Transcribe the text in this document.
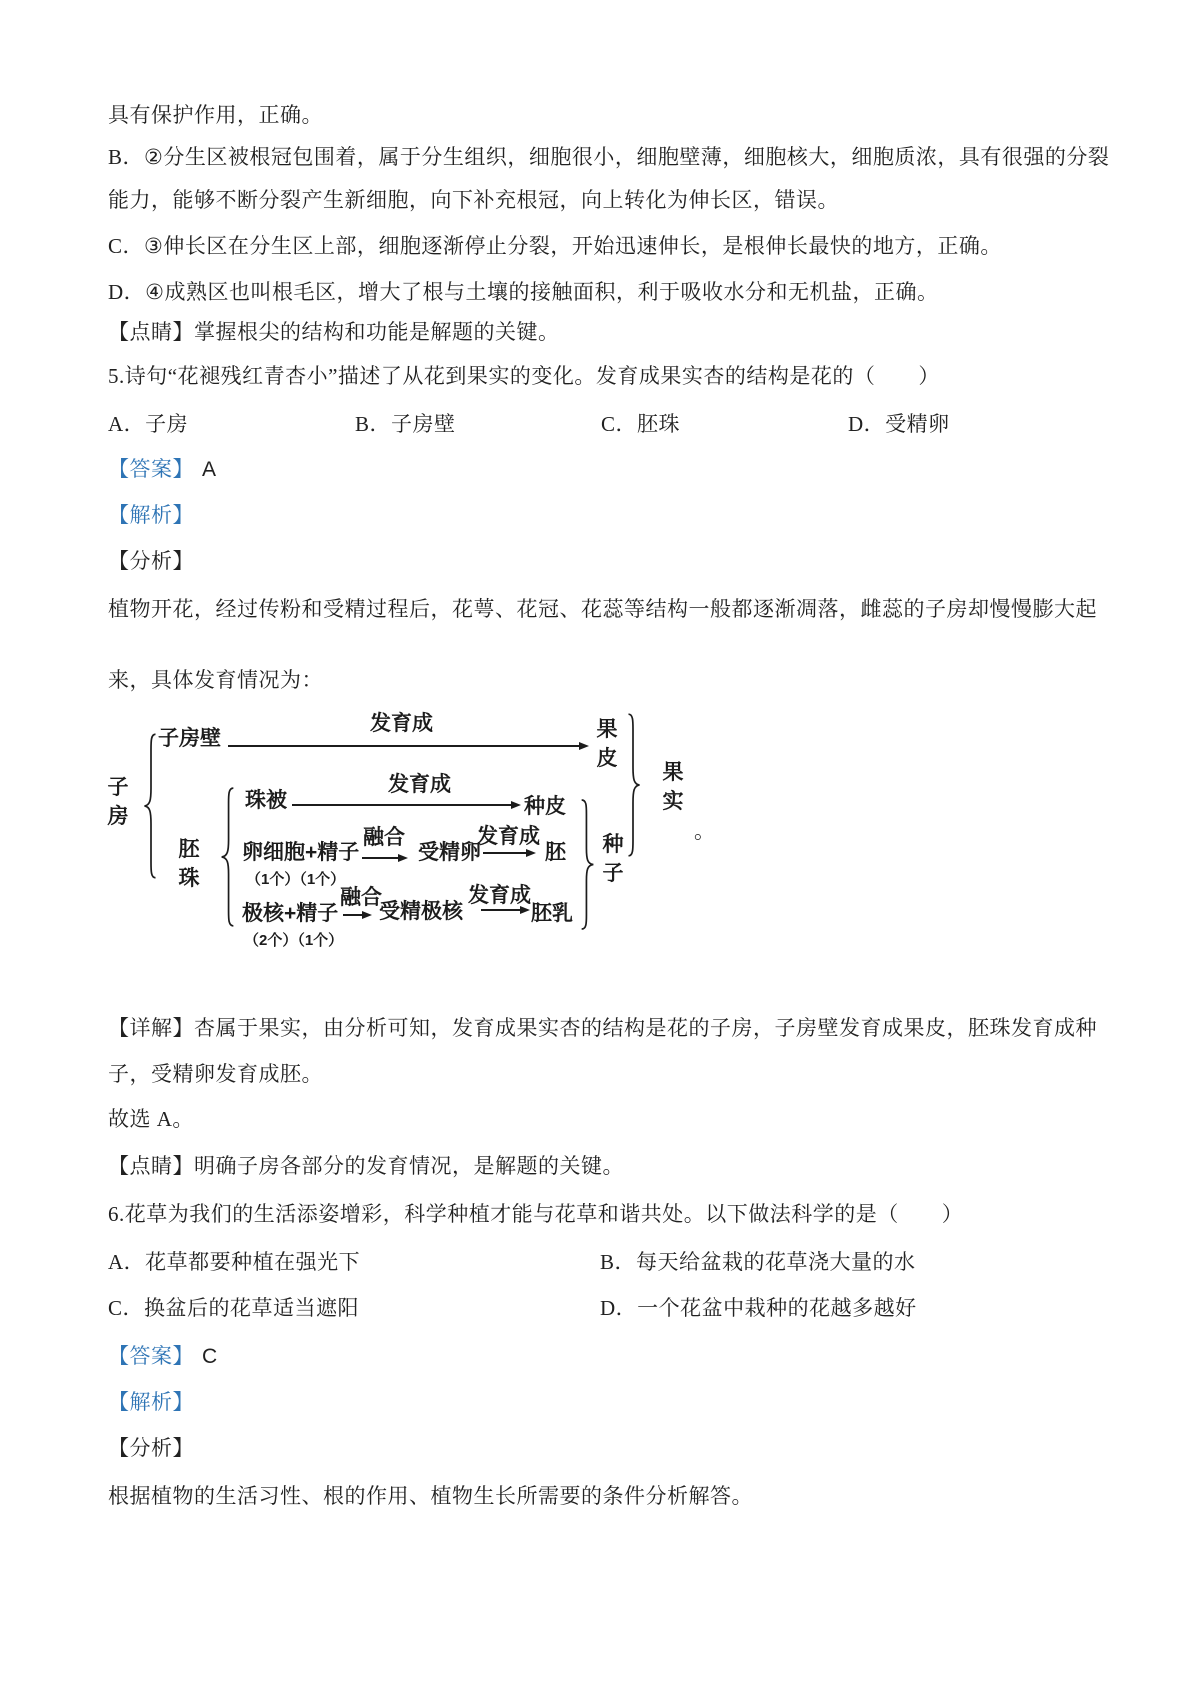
具有保护作用，正确。
B．②分生区被根冠包围着，属于分生组织，细胞很小，细胞壁薄，细胞核大，细胞质浓，具有很强的分裂
能力，能够不断分裂产生新细胞，向下补充根冠，向上转化为伸长区，错误。
C．③伸长区在分生区上部，细胞逐渐停止分裂，开始迅速伸长，是根伸长最快的地方，正确。
D．④成熟区也叫根毛区，增大了根与土壤的接触面积，利于吸收水分和无机盐，正确。
【点睛】掌握根尖的结构和功能是解题的关键。
5.诗句“花褪残红青杏小”描述了从花到果实的变化。发育成果实杏的结构是花的（　　）
A．子房	B．子房壁	C．胚珠	D．受精卵
【答案】 A
【解析】
【分析】
植物开花，经过传粉和受精过程后，花萼、花冠、花蕊等结构一般都逐渐凋落，雌蕊的子房却慢慢膨大起
来，具体发育情况为：
子房
子房壁
发育成	果皮
胚珠
珠被
发育成
种皮
卵细胞+精子
融合
受精卵
发育成
胚
（1个）（1个）
极核+精子
融合
受精极核
发育成
胚乳
（2个）（1个）
种子
果实
。
【详解】杏属于果实，由分析可知，发育成果实杏的结构是花的子房，子房壁发育成果皮，胚珠发育成种
子，受精卵发育成胚。
故选 A。
【点睛】明确子房各部分的发育情况，是解题的关键。
6.花草为我们的生活添姿增彩，科学种植才能与花草和谐共处。以下做法科学的是（　　）
A．花草都要种植在强光下	B．每天给盆栽的花草浇大量的水
C．换盆后的花草适当遮阳	D．一个花盆中栽种的花越多越好
【答案】 C
【解析】
【分析】
根据植物的生活习性、根的作用、植物生长所需要的条件分析解答。
